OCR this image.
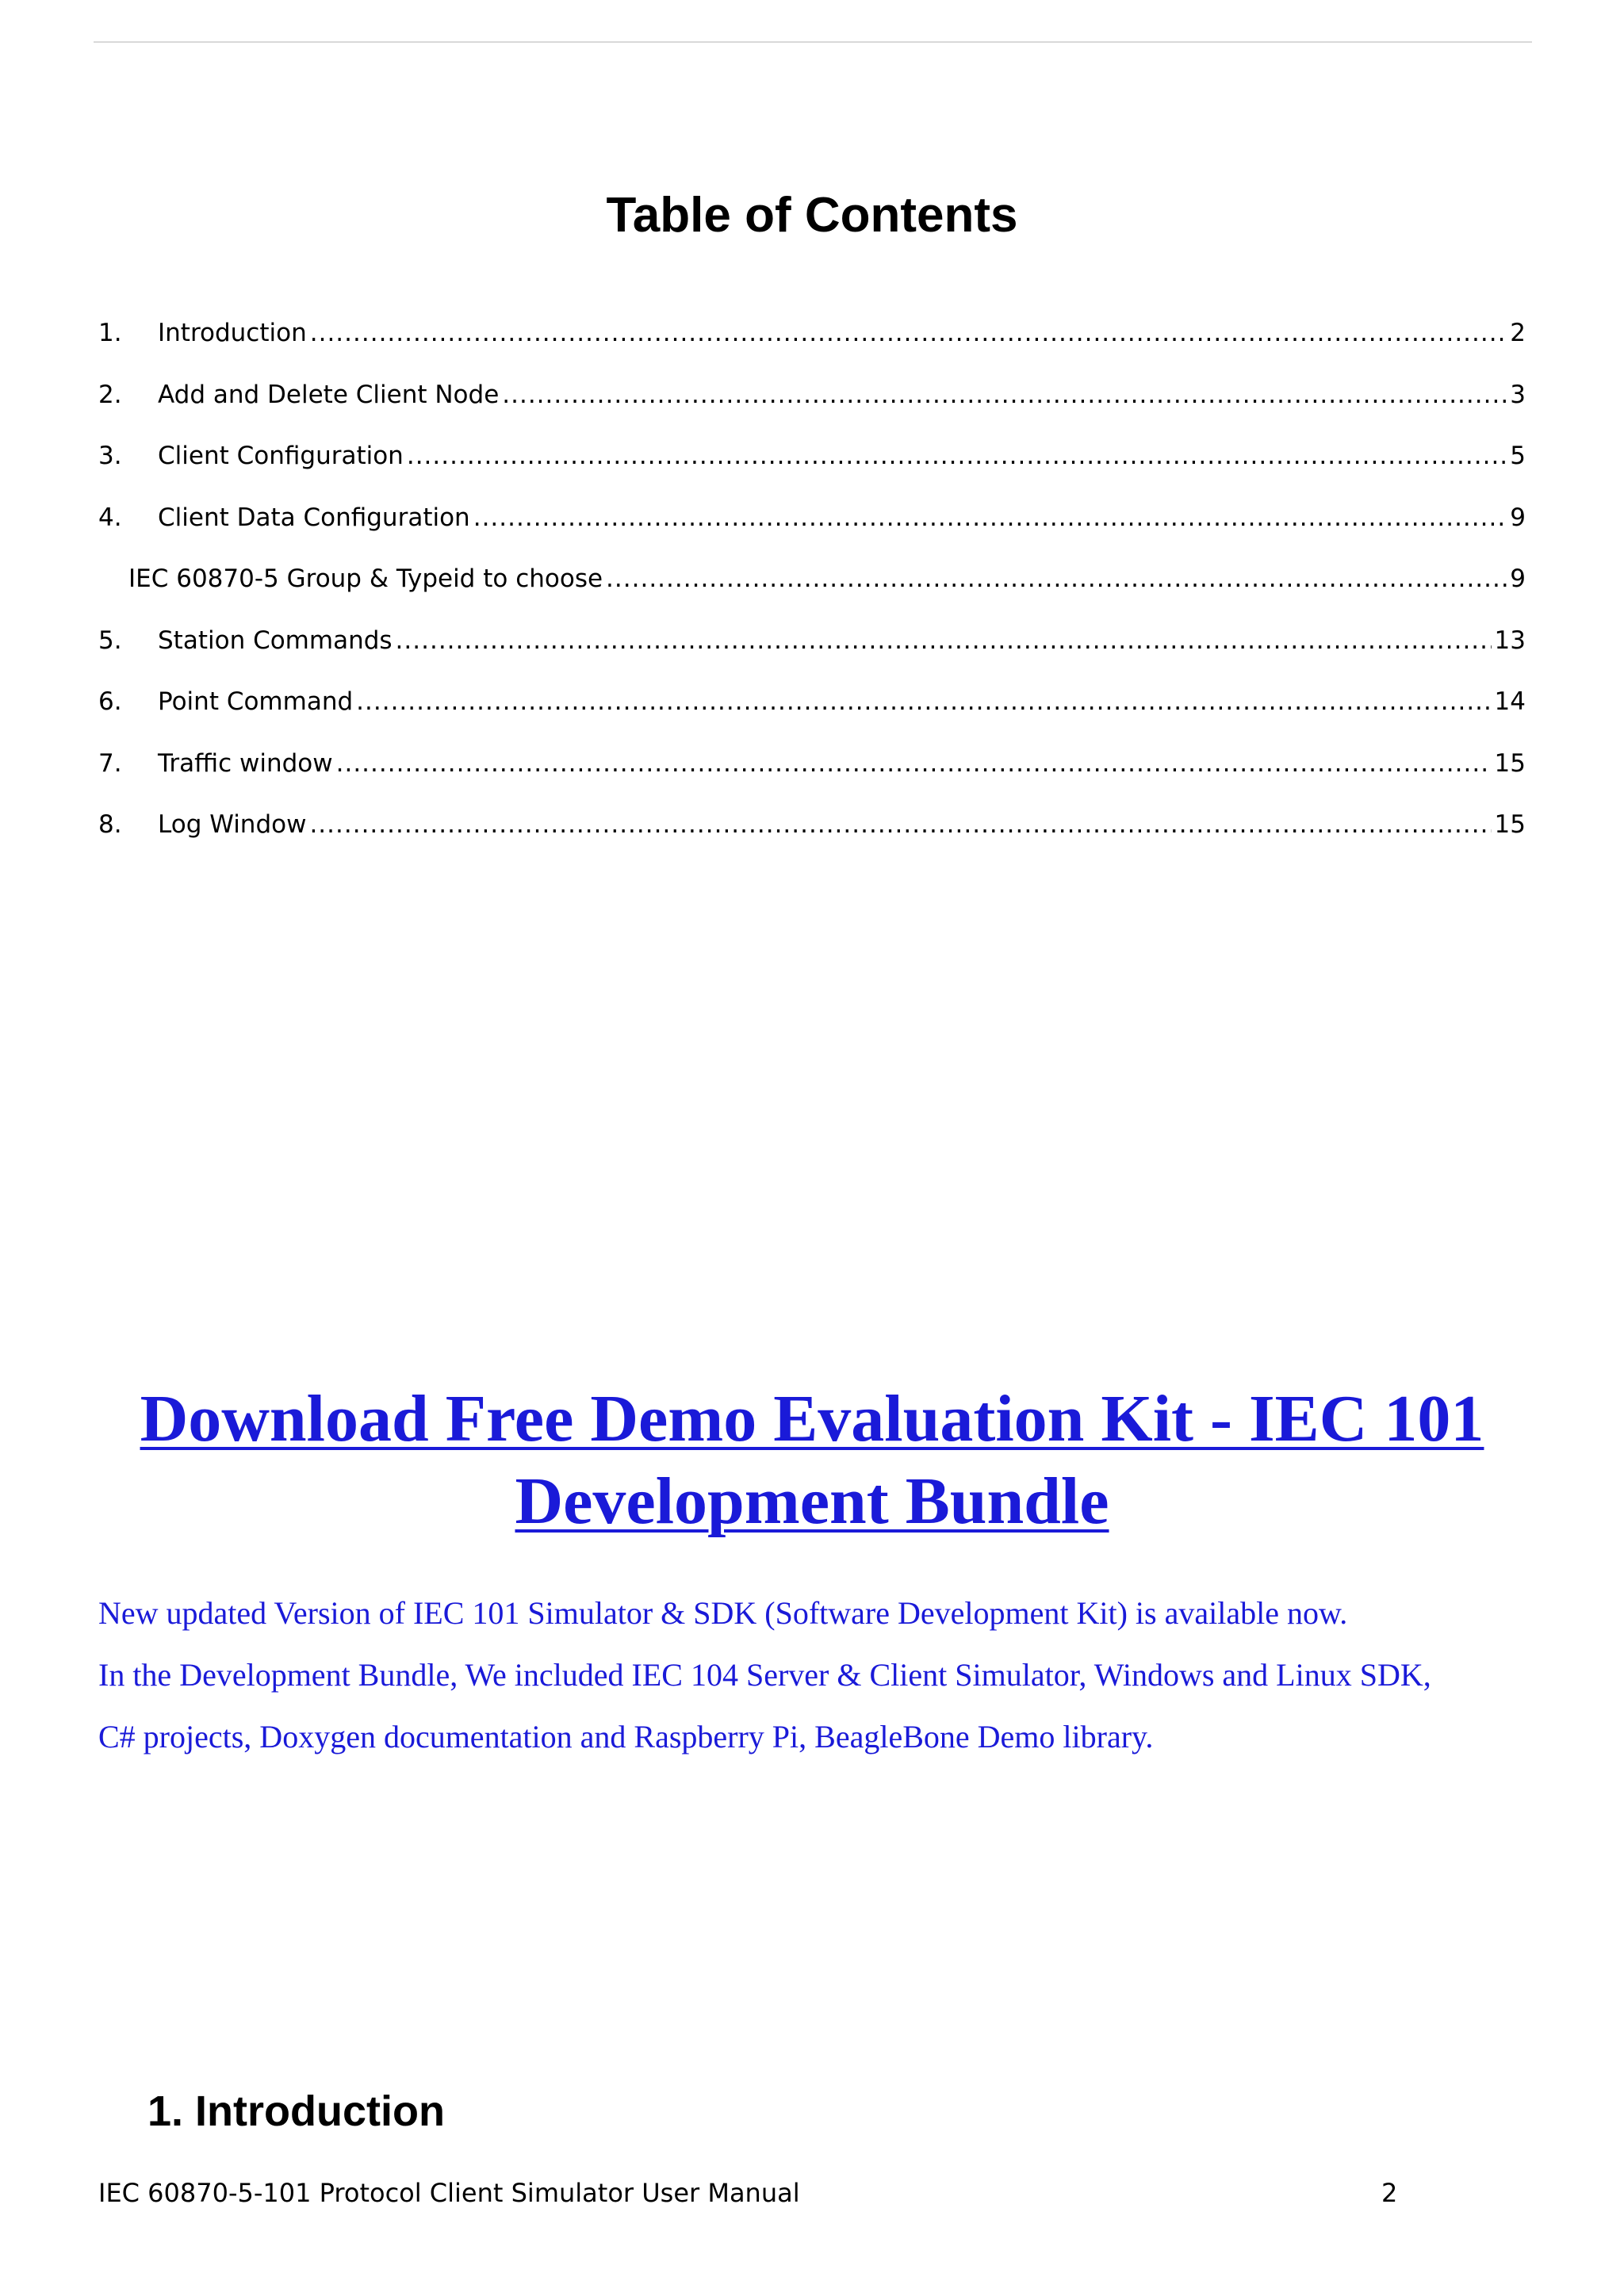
Table of Contents
1.	Introduction .....	2
2.	Add and Delete Client Node .....	3
3.	Client Configuration .....	5
4.	Client Data Configuration .....	9
IEC 60870-5 Group & Typeid to choose .....	9
5.	Station Commands .....	13
6.	Point Command .....	14
7.	Traffic window .....	15
8.	Log Window .....	15
Download Free Demo Evaluation Kit - IEC 101
Development Bundle
New updated Version of IEC 101 Simulator & SDK (Software Development Kit) is available now.
In the Development Bundle, We included IEC 104 Server & Client Simulator, Windows and Linux SDK,
C# projects, Doxygen documentation and Raspberry Pi, BeagleBone Demo library.
1. Introduction
IEC 60870-5-101 Protocol Client Simulator User Manual	2
